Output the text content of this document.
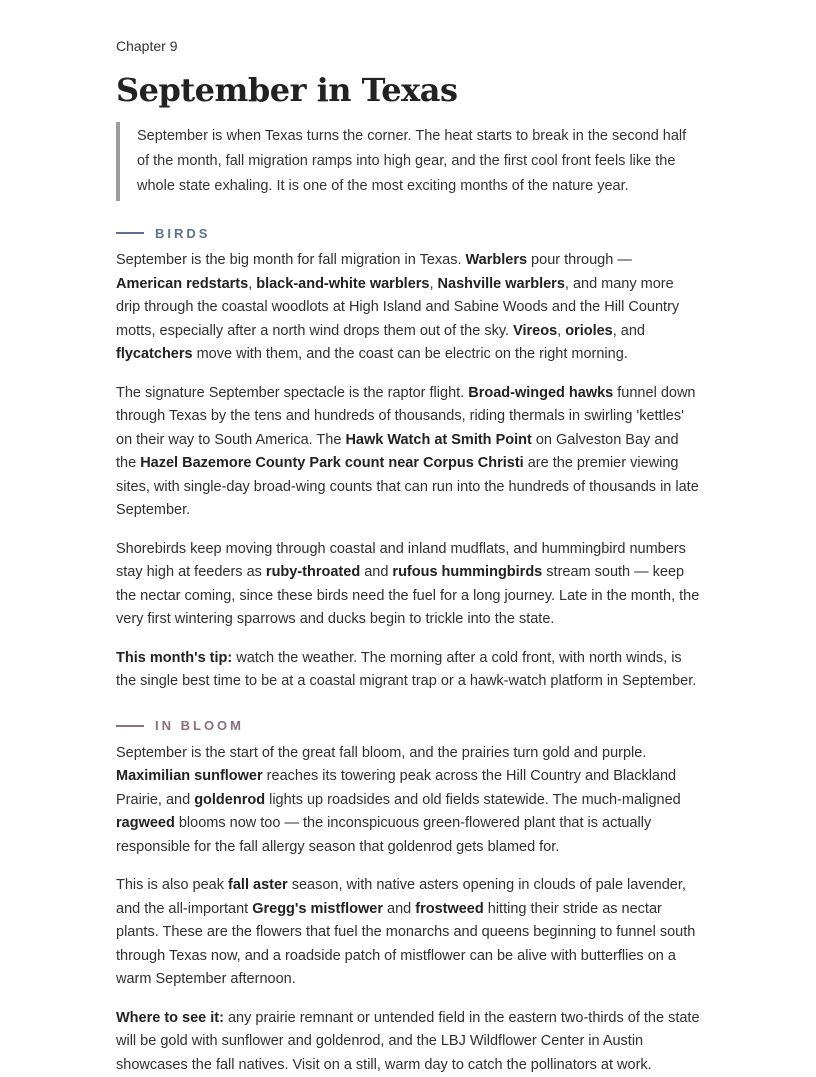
Chapter 9

September in Texas
September is when Texas turns the corner. The heat starts to break in the second half of the month, fall migration ramps into high gear, and the first cool front feels like the whole state exhaling. It is one of the most exciting months of the nature year.
BIRDS

September is the big month for fall migration in Texas. Warblers pour through — American redstarts, black-and-white warblers, Nashville warblers, and many more drip through the coastal woodlots at High Island and Sabine Woods and the Hill Country motts, especially after a north wind drops them out of the sky. Vireos, orioles, and flycatchers move with them, and the coast can be electric on the right morning.

The signature September spectacle is the raptor flight. Broad-winged hawks funnel down through Texas by the tens and hundreds of thousands, riding thermals in swirling 'kettles' on their way to South America. The Hawk Watch at Smith Point on Galveston Bay and the Hazel Bazemore County Park count near Corpus Christi are the premier viewing sites, with single-day broad-wing counts that can run into the hundreds of thousands in late September.

Shorebirds keep moving through coastal and inland mudflats, and hummingbird numbers stay high at feeders as ruby-throated and rufous hummingbirds stream south — keep the nectar coming, since these birds need the fuel for a long journey. Late in the month, the very first wintering sparrows and ducks begin to trickle into the state.

This month's tip: watch the weather. The morning after a cold front, with north winds, is the single best time to be at a coastal migrant trap or a hawk-watch platform in September.

IN BLOOM

September is the start of the great fall bloom, and the prairies turn gold and purple. Maximilian sunflower reaches its towering peak across the Hill Country and Blackland Prairie, and goldenrod lights up roadsides and old fields statewide. The much-maligned ragweed blooms now too — the inconspicuous green-flowered plant that is actually responsible for the fall allergy season that goldenrod gets blamed for.

This is also peak fall aster season, with native asters opening in clouds of pale lavender, and the all-important Gregg's mistflower and frostweed hitting their stride as nectar plants. These are the flowers that fuel the monarchs and queens beginning to funnel south through Texas now, and a roadside patch of mistflower can be alive with butterflies on a warm September afternoon.

Where to see it: any prairie remnant or untended field in the eastern two-thirds of the state will be gold with sunflower and goldenrod, and the LBJ Wildflower Center in Austin showcases the fall natives. Visit on a still, warm day to catch the pollinators at work.
